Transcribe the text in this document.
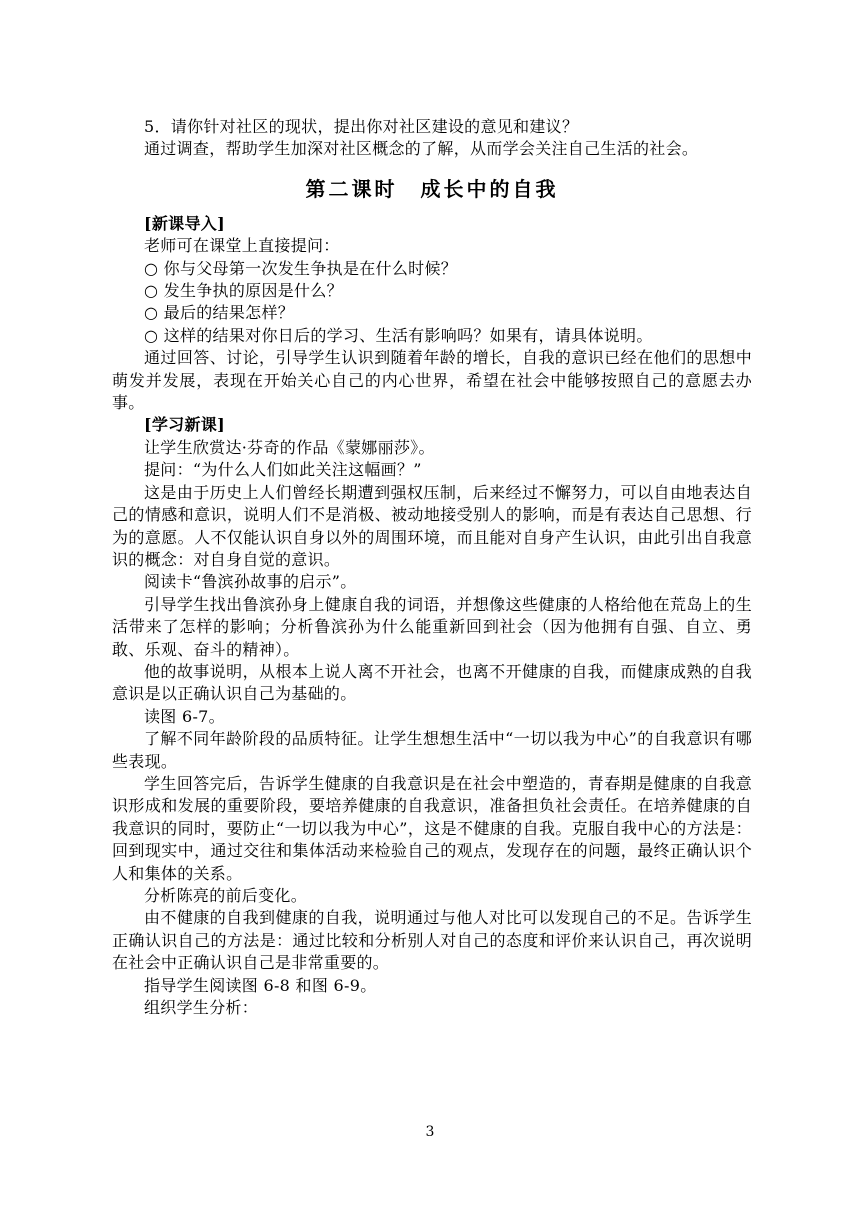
5．请你针对社区的现状，提出你对社区建设的意见和建议？

通过调查，帮助学生加深对社区概念的了解，从而学会关注自己生活的社会。

第二课时　成长中的自我

[新课导入]

老师可在课堂上直接提问：

○ 你与父母第一次发生争执是在什么时候？

○ 发生争执的原因是什么？

○ 最后的结果怎样？

○ 这样的结果对你日后的学习、生活有影响吗？如果有，请具体说明。

通过回答、讨论，引导学生认识到随着年龄的增长，自我的意识已经在他们的思想中萌发并发展，表现在开始关心自己的内心世界，希望在社会中能够按照自己的意愿去办事。

[学习新课]

让学生欣赏达·芬奇的作品《蒙娜丽莎》。

提问：“为什么人们如此关注这幅画？”

这是由于历史上人们曾经长期遭到强权压制，后来经过不懈努力，可以自由地表达自己的情感和意识，说明人们不是消极、被动地接受别人的影响，而是有表达自己思想、行为的意愿。人不仅能认识自身以外的周围环境，而且能对自身产生认识，由此引出自我意识的概念：对自身自觉的意识。

阅读卡“鲁滨孙故事的启示”。

引导学生找出鲁滨孙身上健康自我的词语，并想像这些健康的人格给他在荒岛上的生活带来了怎样的影响；分析鲁滨孙为什么能重新回到社会（因为他拥有自强、自立、勇敢、乐观、奋斗的精神）。

他的故事说明，从根本上说人离不开社会，也离不开健康的自我，而健康成熟的自我意识是以正确认识自己为基础的。

读图 6-7。

了解不同年龄阶段的品质特征。让学生想想生活中“一切以我为中心”的自我意识有哪些表现。

学生回答完后，告诉学生健康的自我意识是在社会中塑造的，青春期是健康的自我意识形成和发展的重要阶段，要培养健康的自我意识，准备担负社会责任。在培养健康的自我意识的同时，要防止“一切以我为中心”，这是不健康的自我。克服自我中心的方法是：回到现实中，通过交往和集体活动来检验自己的观点，发现存在的问题，最终正确认识个人和集体的关系。

分析陈亮的前后变化。

由不健康的自我到健康的自我，说明通过与他人对比可以发现自己的不足。告诉学生正确认识自己的方法是：通过比较和分析别人对自己的态度和评价来认识自己，再次说明在社会中正确认识自己是非常重要的。

指导学生阅读图 6-8 和图 6-9。

组织学生分析：

3
